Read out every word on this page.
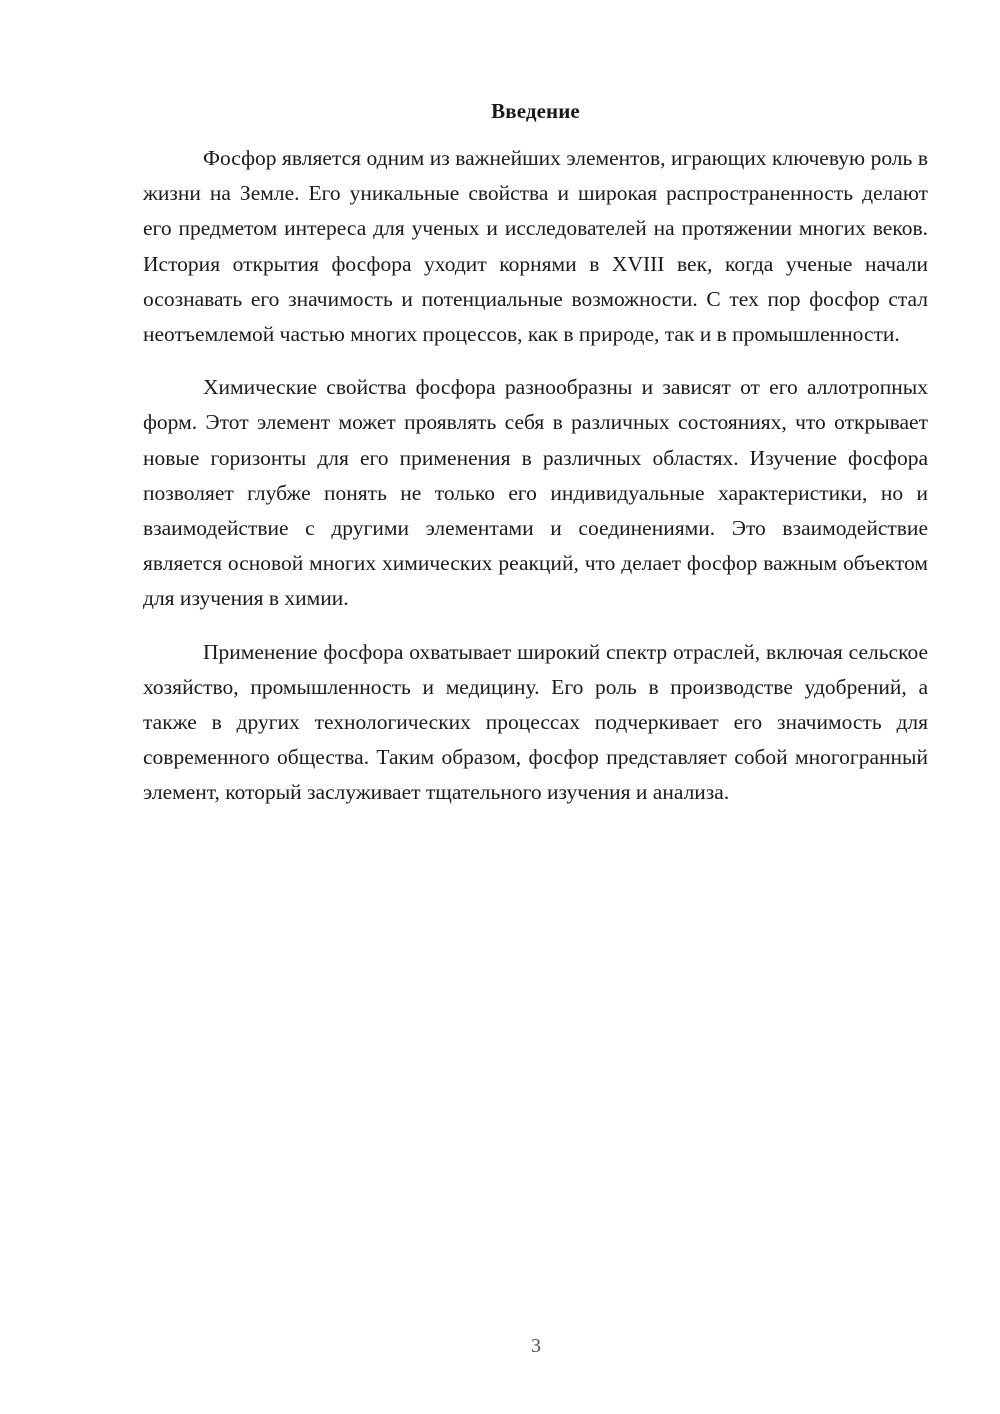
Введение

Фосфор является одним из важнейших элементов, играющих ключевую роль в жизни на Земле. Его уникальные свойства и широкая распространенность делают его предметом интереса для ученых и исследователей на протяжении многих веков. История открытия фосфора уходит корнями в XVIII век, когда ученые начали осознавать его значимость и потенциальные возможности. С тех пор фосфор стал неотъемлемой частью многих процессов, как в природе, так и в промышленности.

Химические свойства фосфора разнообразны и зависят от его аллотропных форм. Этот элемент может проявлять себя в различных состояниях, что открывает новые горизонты для его применения в различных областях. Изучение фосфора позволяет глубже понять не только его индивидуальные характеристики, но и взаимодействие с другими элементами и соединениями. Это взаимодействие является основой многих химических реакций, что делает фосфор важным объектом для изучения в химии.

Применение фосфора охватывает широкий спектр отраслей, включая сельское хозяйство, промышленность и медицину. Его роль в производстве удобрений, а также в других технологических процессах подчеркивает его значимость для современного общества. Таким образом, фосфор представляет собой многогранный элемент, который заслуживает тщательного изучения и анализа.

3
